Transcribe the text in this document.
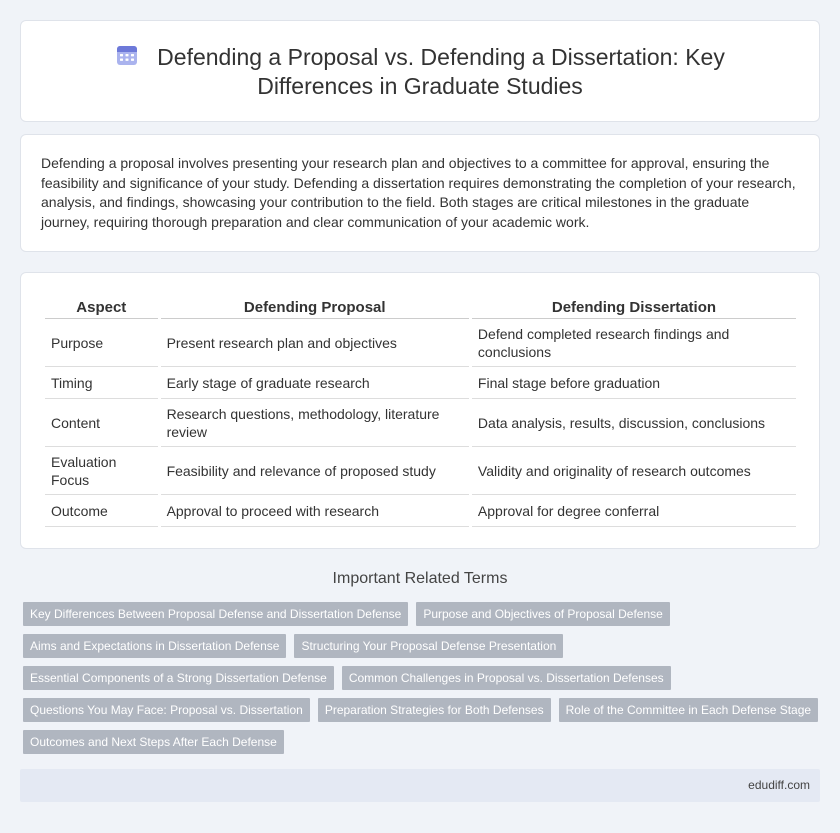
Defending a Proposal vs. Defending a Dissertation: Key
Differences in Graduate Studies

Defending a proposal involves presenting your research plan and objectives to a committee for approval, ensuring the feasibility and significance of your study. Defending a dissertation requires demonstrating the completion of your research, analysis, and findings, showcasing your contribution to the field. Both stages are critical milestones in the graduate journey, requiring thorough preparation and clear communication of your academic work.

Aspect	Defending Proposal	Defending Dissertation
Purpose	Present research plan and objectives	Defend completed research findings and conclusions
Timing	Early stage of graduate research	Final stage before graduation
Content	Research questions, methodology, literature review	Data analysis, results, discussion, conclusions
Evaluation Focus	Feasibility and relevance of proposed study	Validity and originality of research outcomes
Outcome	Approval to proceed with research	Approval for degree conferral
Important Related Terms
Key Differences Between Proposal Defense and Dissertation Defense	Purpose and Objectives of Proposal Defense
Aims and Expectations in Dissertation Defense	Structuring Your Proposal Defense Presentation
Essential Components of a Strong Dissertation Defense	Common Challenges in Proposal vs. Dissertation Defenses
Questions You May Face: Proposal vs. Dissertation	Preparation Strategies for Both Defenses	Role of the Committee in Each Defense Stage
Outcomes and Next Steps After Each Defense
edudiff.com
